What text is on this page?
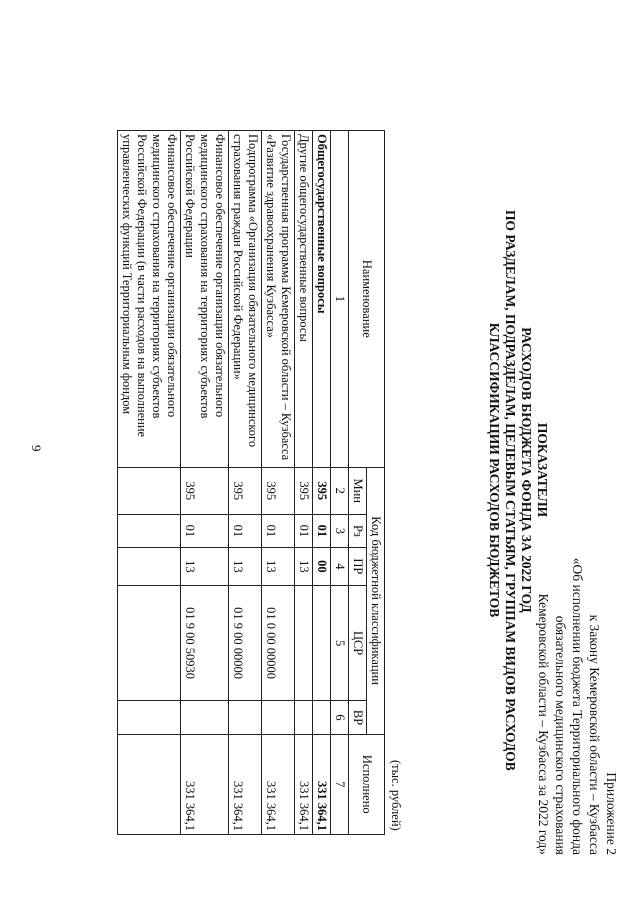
9
Приложение 2
к Закону Кемеровской области – Кузбасса
«Об исполнении бюджета Территориального фонда
обязательного медицинского страхования
Кемеровской области – Кузбасса за 2022 год»
ПОКАЗАТЕЛИ
РАСХОДОВ БЮДЖЕТА ФОНДА ЗА 2022 ГОД
ПО РАЗДЕЛАМ, ПОДРАЗДЕЛАМ, ЦЕЛЕВЫМ СТАТЬЯМ, ГРУППАМ ВИДОВ РАСХОДОВ
КЛАССИФИКАЦИИ РАСХОДОВ БЮДЖЕТОВ
(тыс. рублей)
Наименование	Код бюджетной классификации					Исполнено
	Мин	Рз	ПР	ЦСР	ВР	
1	2	3	4	5	6	7
Общегосударственные вопросы	395	01	00			331 364,1
Другие общегосударственные вопросы	395	01	13			331 364,1
Государственная программа Кемеровской области – Кузбасса «Развитие здравоохранения Кузбасса»	395	01	13	01 0 00 00000		331 364,1
Подпрограмма «Организация обязательного медицинского страхования граждан Российской Федерации»	395	01	13	01 9 00 00000		331 364,1
Финансовое обеспечение организации обязательного медицинского страхования на территориях субъектов Российской Федерации	395	01	13	01 9 00 50930		331 364,1
Финансовое обеспечение организации обязательного медицинского страхования на территориях субъектов Российской Федерации (в части расходов на выполнение управленческих функций Территориальным фондом						
